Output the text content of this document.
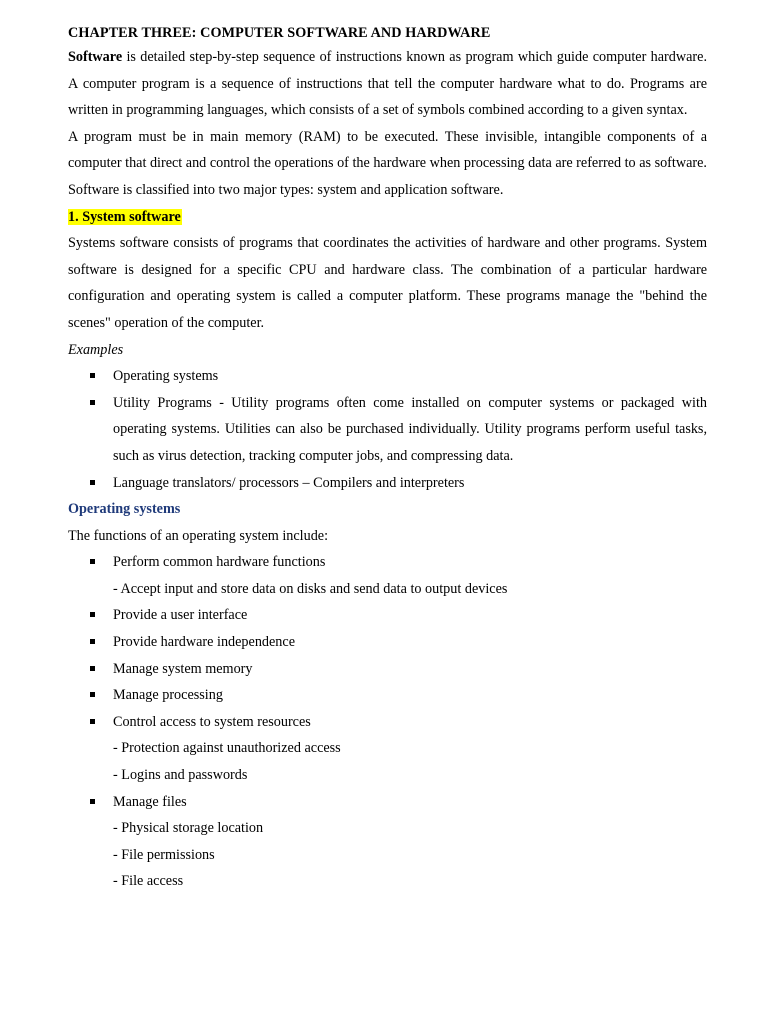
CHAPTER THREE: COMPUTER SOFTWARE AND HARDWARE

Software is detailed step-by-step sequence of instructions known as program which guide computer hardware. A computer program is a sequence of instructions that tell the computer hardware what to do. Programs are written in programming languages, which consists of a set of symbols combined according to a given syntax.

A program must be in main memory (RAM) to be executed. These invisible, intangible components of a computer that direct and control the operations of the hardware when processing data are referred to as software.

Software is classified into two major types: system and application software.

1. System software

Systems software consists of programs that coordinates the activities of hardware and other programs. System software is designed for a specific CPU and hardware class. The combination of a particular hardware configuration and operating system is called a computer platform. These programs manage the "behind the scenes" operation of the computer.

Examples

Operating systems
Utility Programs - Utility programs often come installed on computer systems or packaged with operating systems. Utilities can also be purchased individually. Utility programs perform useful tasks, such as virus detection, tracking computer jobs, and compressing data.
Language translators/ processors – Compilers and interpreters

Operating systems

The functions of an operating system include:

Perform common hardware functions
- Accept input and store data on disks and send data to output devices
Provide a user interface
Provide hardware independence
Manage system memory
Manage processing
Control access to system resources
- Protection against unauthorized access
- Logins and passwords
Manage files
- Physical storage location
- File permissions
- File access
